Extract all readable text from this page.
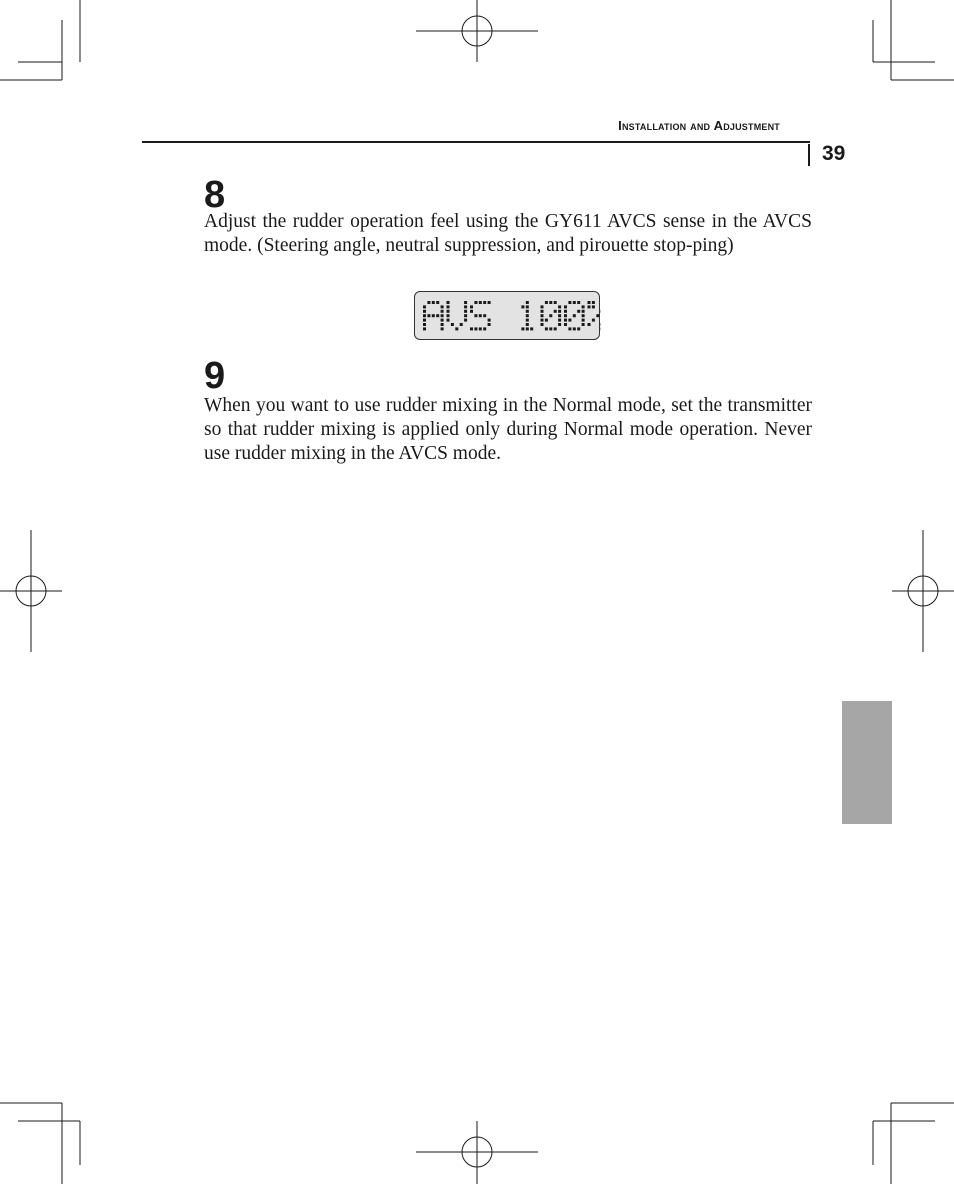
Installation and Adjustment
39
8
Adjust the rudder operation feel using the GY611 AVCS sense in the AVCS mode. (Steering angle, neutral suppression, and pirouette stop-ping)
9
When you want to use rudder mixing in the Normal mode, set the transmitter so that rudder mixing is applied only during Normal mode operation. Never use rudder mixing in the AVCS mode.
